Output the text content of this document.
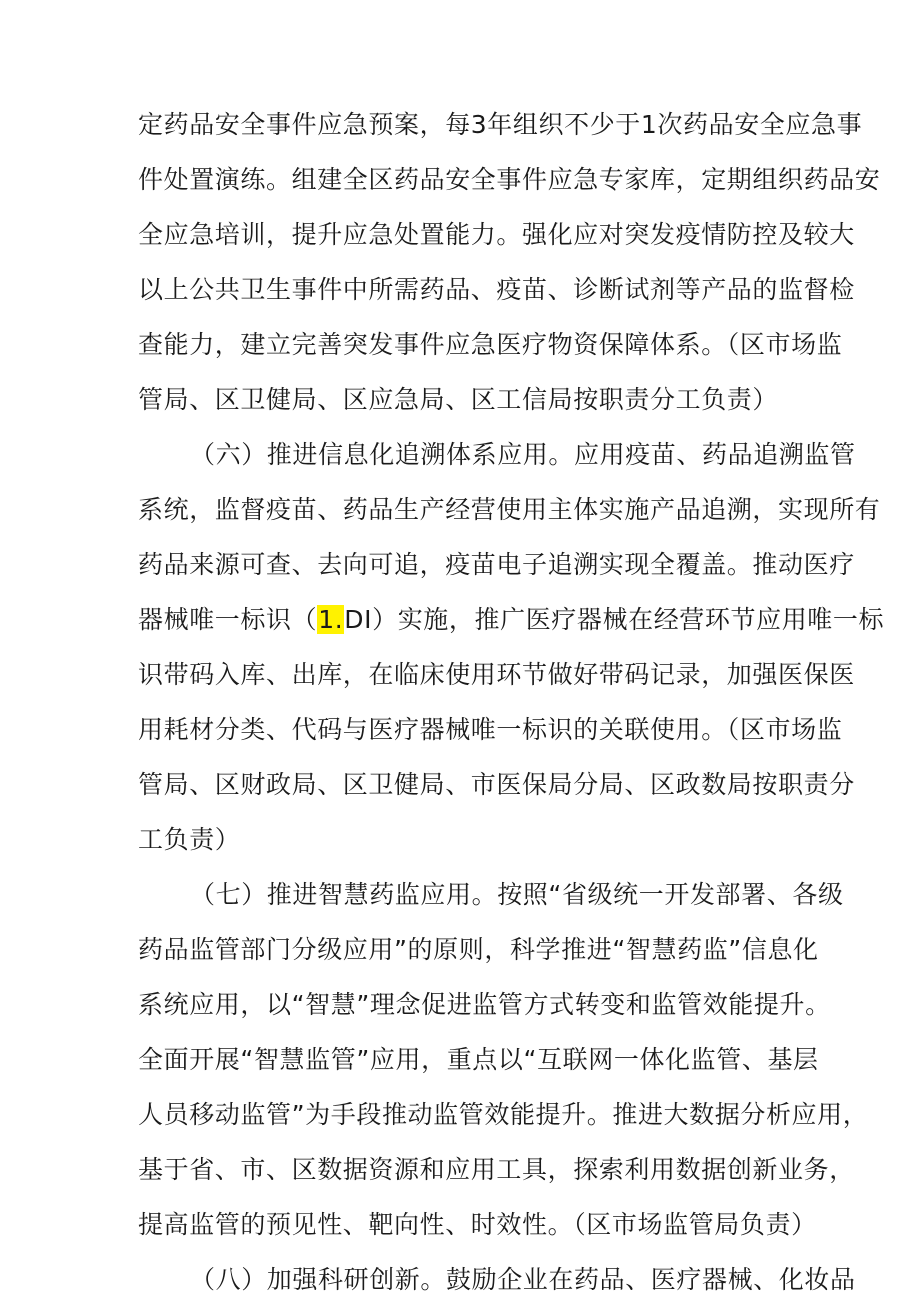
定药品安全事件应急预案，每3年组织不少于1次药品安全应急事
件处置演练。组建全区药品安全事件应急专家库，定期组织药品安
全应急培训，提升应急处置能力。强化应对突发疫情防控及较大
以上公共卫生事件中所需药品、疫苗、诊断试剂等产品的监督检
查能力，建立完善突发事件应急医疗物资保障体系。（区市场监
管局、区卫健局、区应急局、区工信局按职责分工负责）
（六）推进信息化追溯体系应用。应用疫苗、药品追溯监管
系统，监督疫苗、药品生产经营使用主体实施产品追溯，实现所有
药品来源可查、去向可追，疫苗电子追溯实现全覆盖。推动医疗
器械唯一标识（1.DI）实施，推广医疗器械在经营环节应用唯一标
识带码入库、出库，在临床使用环节做好带码记录，加强医保医
用耗材分类、代码与医疗器械唯一标识的关联使用。（区市场监
管局、区财政局、区卫健局、市医保局分局、区政数局按职责分
工负责）
（七）推进智慧药监应用。按照“省级统一开发部署、各级
药品监管部门分级应用”的原则，科学推进“智慧药监”信息化
系统应用，以“智慧”理念促进监管方式转变和监管效能提升。
全面开展“智慧监管”应用，重点以“互联网一体化监管、基层
人员移动监管”为手段推动监管效能提升。推进大数据分析应用，
基于省、市、区数据资源和应用工具，探索利用数据创新业务，
提高监管的预见性、靶向性、时效性。（区市场监管局负责）
（八）加强科研创新。鼓励企业在药品、医疗器械、化妆品
